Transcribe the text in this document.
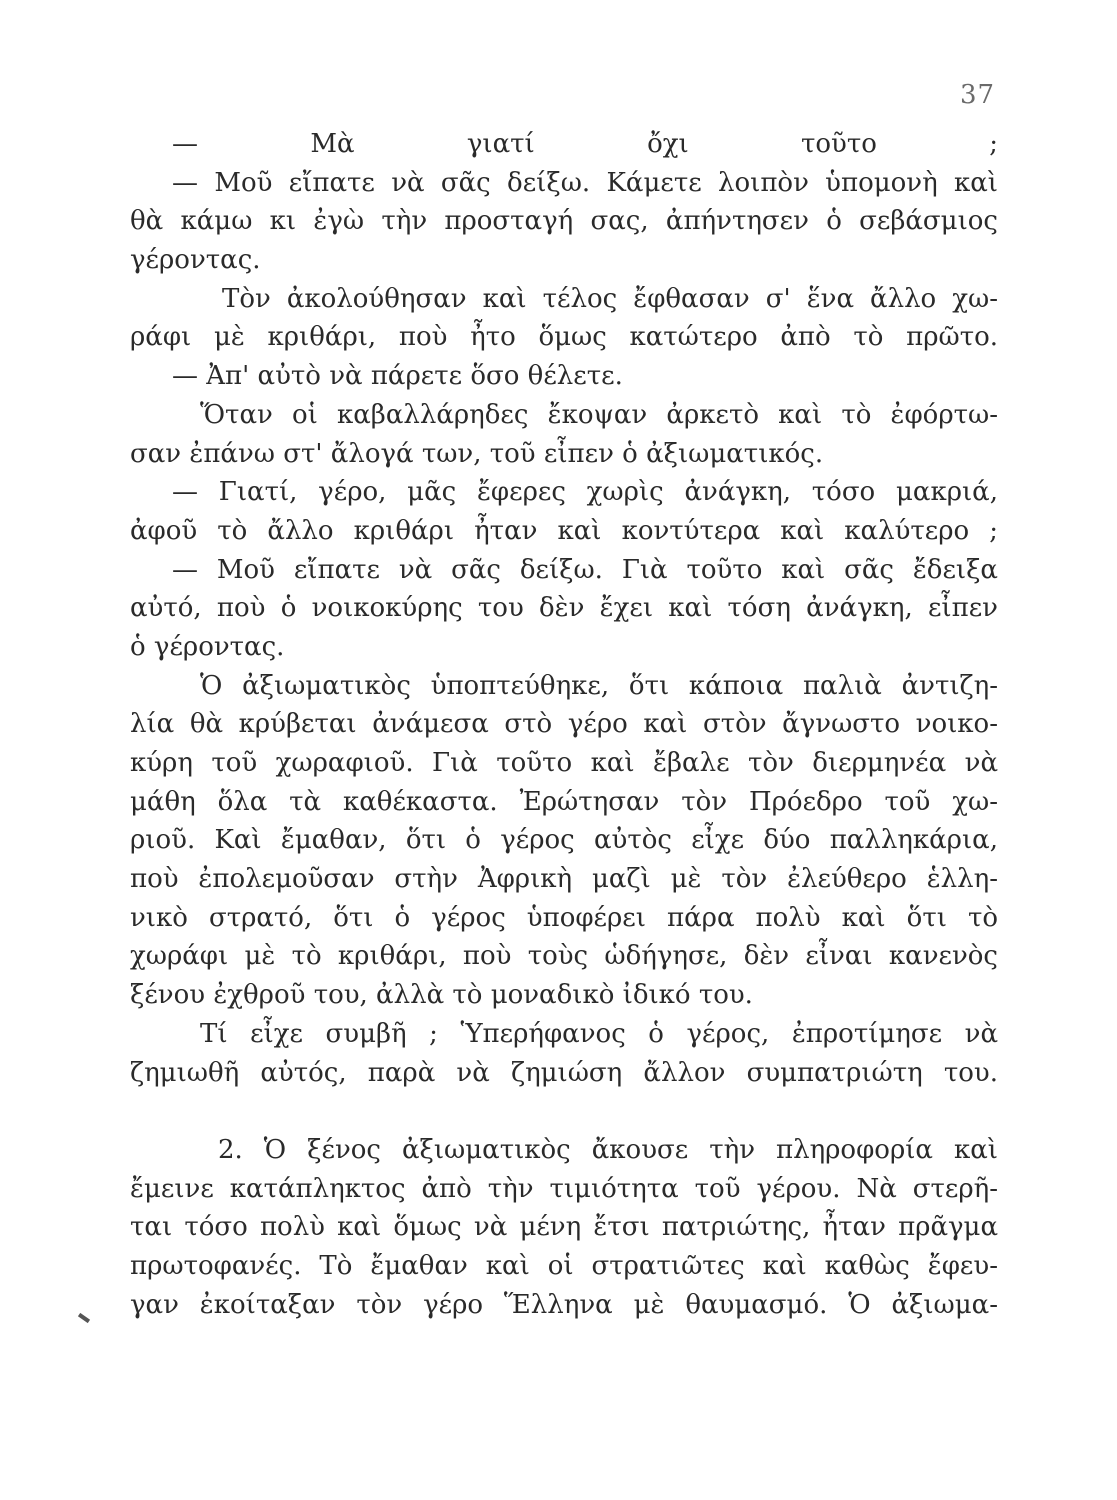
37
— Μὰ γιατί ὄχι τοῦτο ;
— Μοῦ εἴπατε νὰ σᾶς δείξω. Κάμετε λοιπὸν ὑπομονὴ καὶ
θὰ κάμω κι ἐγὼ τὴν προσταγή σας, ἀπήντησεν ὁ σεβάσμιος
γέροντας.
Τὸν ἀκολούθησαν καὶ τέλος ἔφθασαν σ' ἕνα ἄλλο χω-
ράφι μὲ κριθάρι, ποὺ ἦτο ὅμως κατώτερο ἀπὸ τὸ πρῶτο.
— Ἀπ' αὐτὸ νὰ πάρετε ὅσο θέλετε.
Ὅταν οἱ καβαλλάρηδες ἔκοψαν ἀρκετὸ καὶ τὸ ἐφόρτω-
σαν ἐπάνω στ' ἄλογά των, τοῦ εἶπεν ὁ ἀξιωματικός.
— Γιατί, γέρο, μᾶς ἔφερες χωρὶς ἀνάγκη, τόσο μακριά,
ἀφοῦ τὸ ἄλλο κριθάρι ἦταν καὶ κοντύτερα καὶ καλύτερο ;
— Μοῦ εἴπατε νὰ σᾶς δείξω. Γιὰ τοῦτο καὶ σᾶς ἔδειξα
αὐτό, ποὺ ὁ νοικοκύρης του δὲν ἔχει καὶ τόση ἀνάγκη, εἶπεν
ὁ γέροντας.
Ὁ ἀξιωματικὸς ὑποπτεύθηκε, ὅτι κάποια παλιὰ ἀντιζη-
λία θὰ κρύβεται ἀνάμεσα στὸ γέρο καὶ στὸν ἄγνωστο νοικο-
κύρη τοῦ χωραφιοῦ. Γιὰ τοῦτο καὶ ἔβαλε τὸν διερμηνέα νὰ
μάθη ὅλα τὰ καθέκαστα. Ἐρώτησαν τὸν Πρόεδρο τοῦ χω-
ριοῦ. Καὶ ἔμαθαν, ὅτι ὁ γέρος αὐτὸς εἶχε δύο παλληκάρια,
ποὺ ἐπολεμοῦσαν στὴν Ἀφρικὴ μαζὶ μὲ τὸν ἐλεύθερο ἑλλη-
νικὸ στρατό, ὅτι ὁ γέρος ὑποφέρει πάρα πολὺ καὶ ὅτι τὸ
χωράφι μὲ τὸ κριθάρι, ποὺ τοὺς ὡδήγησε, δὲν εἶναι κανενὸς
ξένου ἐχθροῦ του, ἀλλὰ τὸ μοναδικὸ ἰδικό του.
Τί εἶχε συμβῆ ; Ὑπερήφανος ὁ γέρος, ἐπροτίμησε νὰ
ζημιωθῆ αὐτός, παρὰ νὰ ζημιώση ἄλλον συμπατριώτη του.
2. Ὁ ξένος ἀξιωματικὸς ἄκουσε τὴν πληροφορία καὶ
ἔμεινε κατάπληκτος ἀπὸ τὴν τιμιότητα τοῦ γέρου. Νὰ στερῆ-
ται τόσο πολὺ καὶ ὅμως νὰ μένη ἔτσι πατριώτης, ἦταν πρᾶγμα
πρωτοφανές. Τὸ ἔμαθαν καὶ οἱ στρατιῶτες καὶ καθὼς ἔφευ-
γαν ἐκοίταξαν τὸν γέρο Ἕλληνα μὲ θαυμασμό. Ὁ ἀξιωμα-
